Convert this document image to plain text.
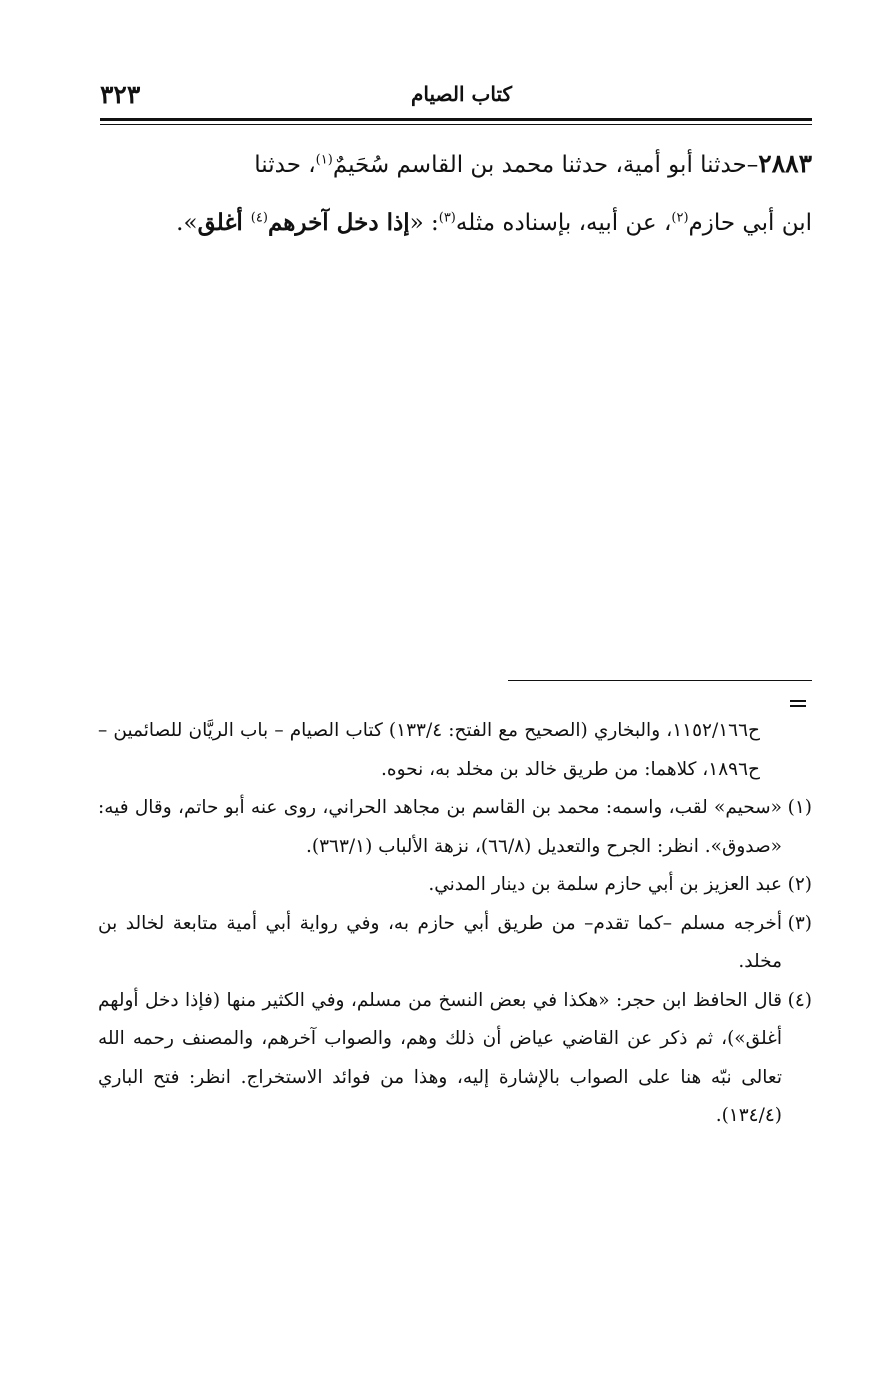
كتاب الصيام
٣٢٣

٢٨٨٣–حدثنا أبو أمية، حدثنا محمد بن القاسم سُحَيمٌ$^{(١)}$، حدثنا

ابن أبي حازم$^{(٢)}$، عن أبيه، بإسناده مثله$^{(٣)}$: «إذا دخل آخرهم$^{(٤)}$ أغلق».

ح١١٥٢/١٦٦، والبخاري (الصحيح مع الفتح: ١٣٣/٤) كتاب الصيام – باب الريَّان للصائمين – ح١٨٩٦، كلاهما: من طريق خالد بن مخلد به، نحوه.

(١)
«سحيم» لقب، واسمه: محمد بن القاسم بن مجاهد الحراني، روى عنه أبو حاتم، وقال فيه: «صدوق». انظر: الجرح والتعديل (٦٦/٨)، نزهة الألباب (٣٦٣/١).
(٢)
عبد العزيز بن أبي حازم سلمة بن دينار المدني.
(٣)
أخرجه مسلم –كما تقدم– من طريق أبي حازم به، وفي رواية أبي أمية متابعة لخالد بن مخلد.
(٤)
قال الحافظ ابن حجر: «هكذا في بعض النسخ من مسلم، وفي الكثير منها (فإذا دخل أولهم أغلق»)، ثم ذكر عن القاضي عياض أن ذلك وهم، والصواب آخرهم، والمصنف رحمه الله تعالى نبّه هنا على الصواب بالإشارة إليه، وهذا من فوائد الاستخراج. انظر: فتح الباري (١٣٤/٤).
